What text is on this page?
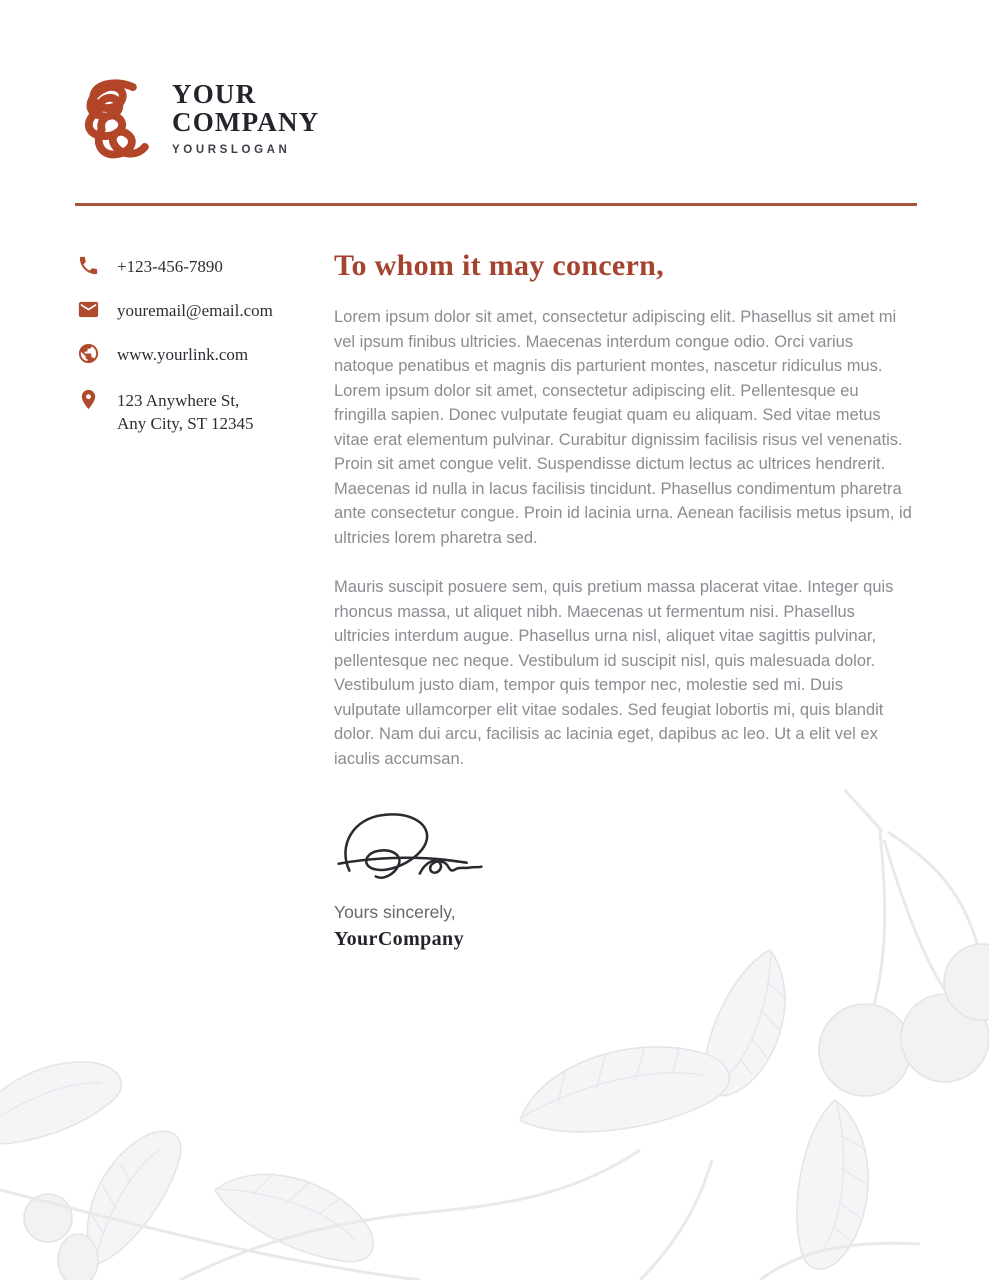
YOUR
COMPANY
YOURSLOGAN
+123-456-7890
youremail@email.com
www.yourlink.com
123 Anywhere St,
Any City, ST 12345
To whom it may concern,

Lorem ipsum dolor sit amet, consectetur adipiscing elit. Phasellus sit amet mi vel ipsum finibus ultricies. Maecenas interdum congue odio. Orci varius natoque penatibus et magnis dis parturient montes, nascetur ridiculus mus. Lorem ipsum dolor sit amet, consectetur adipiscing elit. Pellentesque eu fringilla sapien. Donec vulputate feugiat quam eu aliquam. Sed vitae metus vitae erat elementum pulvinar. Curabitur dignissim facilisis risus vel venenatis. Proin sit amet congue velit. Suspendisse dictum lectus ac ultrices hendrerit. Maecenas id nulla in lacus facilisis tincidunt. Phasellus condimentum pharetra ante consectetur congue. Proin id lacinia urna. Aenean facilisis metus ipsum, id ultricies lorem pharetra sed.

Mauris suscipit posuere sem, quis pretium massa placerat vitae. Integer quis rhoncus massa, ut aliquet nibh. Maecenas ut fermentum nisi. Phasellus ultricies interdum augue. Phasellus urna nisl, aliquet vitae sagittis pulvinar, pellentesque nec neque. Vestibulum id suscipit nisl, quis malesuada dolor. Vestibulum justo diam, tempor quis tempor nec, molestie sed mi. Duis vulputate ullamcorper elit vitae sodales. Sed feugiat lobortis mi, quis blandit dolor. Nam dui arcu, facilisis ac lacinia eget, dapibus ac leo. Ut a elit vel ex iaculis accumsan.

Yours sincerely,
YourCompany
